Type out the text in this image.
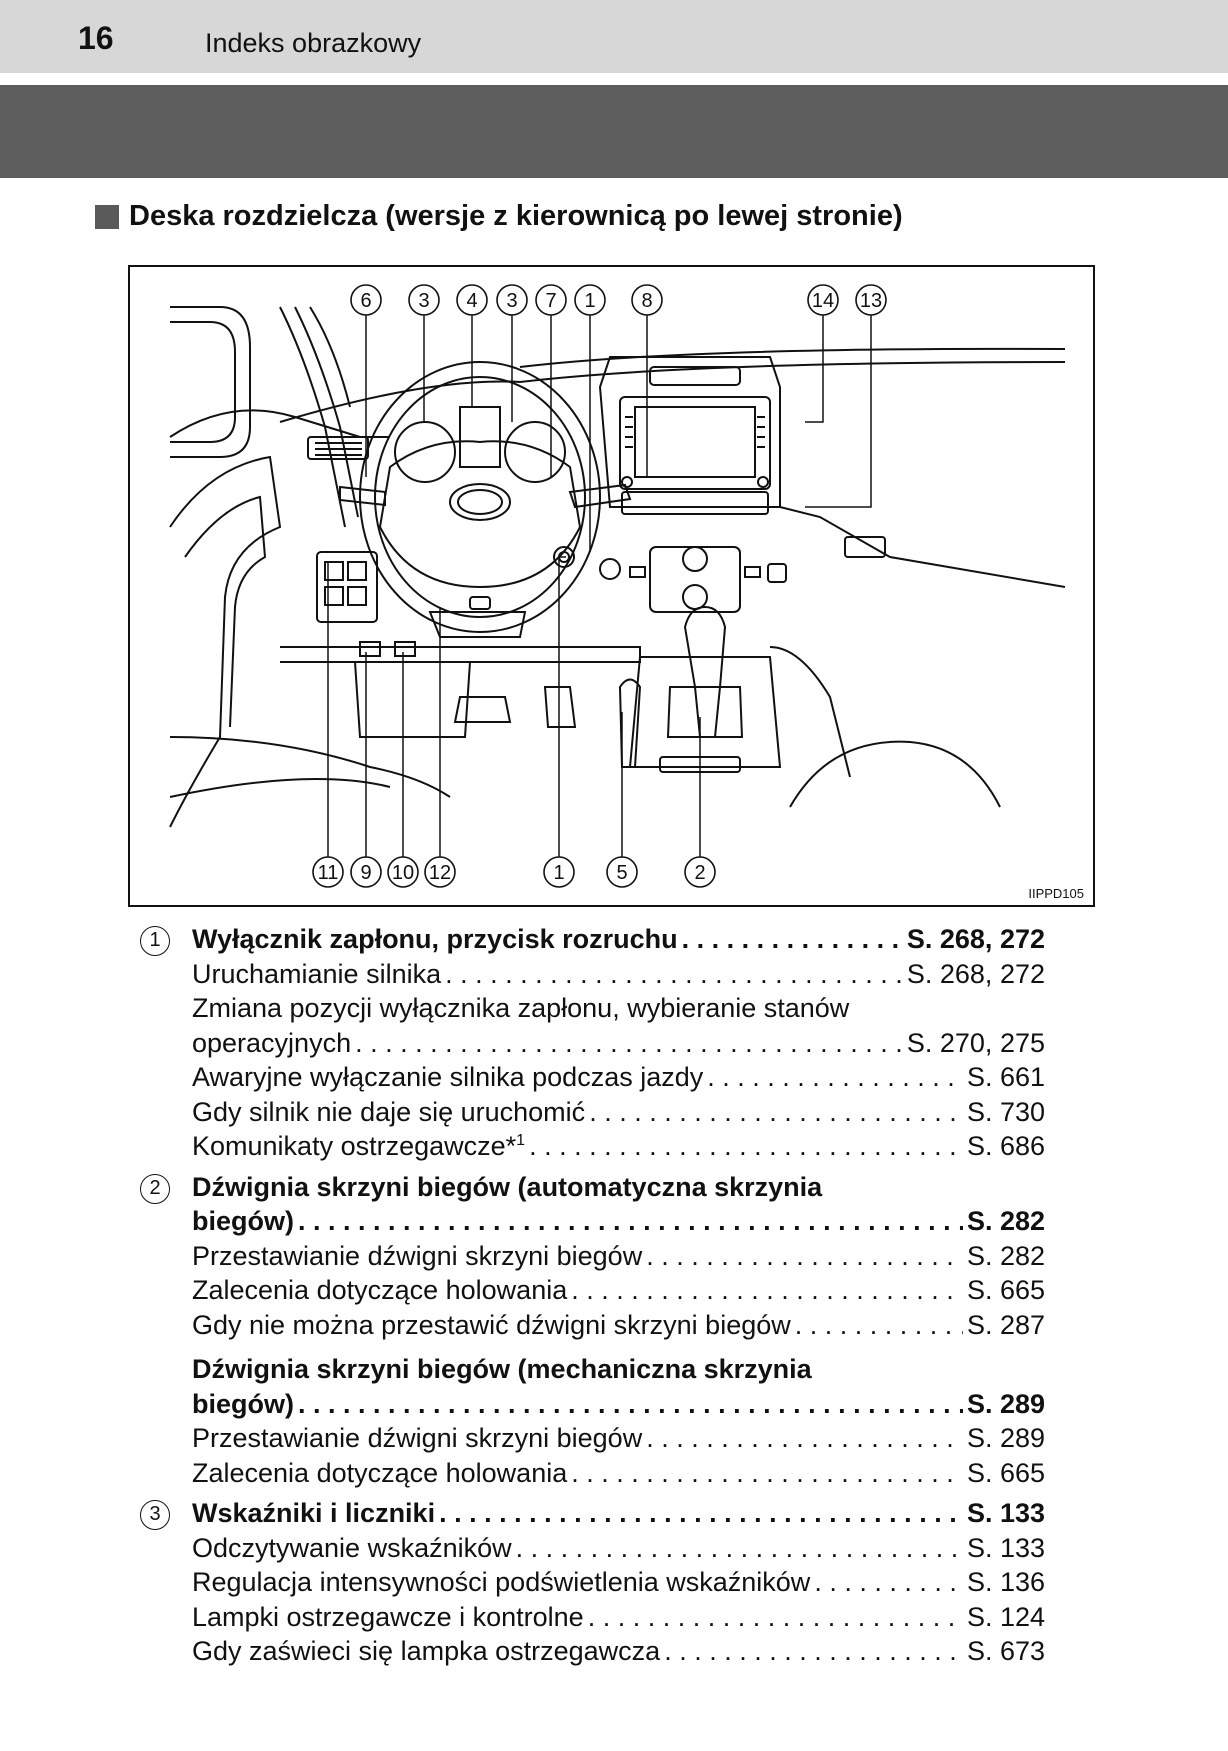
16	Indeks obrazkowy
Deska rozdzielcza (wersje z kierownicą po lewej stronie)
6 3 4 3 7 1 8	14 13
11 9 10 12	1	5	2
IIPPD105
1	Wyłącznik zapłonu, przycisk rozruchu . . .	S. 268, 272
Uruchamianie silnika . . .	S. 268, 272
Zmiana pozycji wyłącznika zapłonu, wybieranie stanów
operacyjnych . . .	S. 270, 275
Awaryjne wyłączanie silnika podczas jazdy . . .	S. 661
Gdy silnik nie daje się uruchomić . . .	S. 730
Komunikaty ostrzegawcze*$^1$ . . .	S. 686
2	Dźwignia skrzyni biegów (automatyczna skrzynia
biegów) . . .	S. 282
Przestawianie dźwigni skrzyni biegów . . .	S. 282
Zalecenia dotyczące holowania . . .	S. 665
Gdy nie można przestawić dźwigni skrzyni biegów . . .	S. 287
Dźwignia skrzyni biegów (mechaniczna skrzynia
biegów) . . .	S. 289
Przestawianie dźwigni skrzyni biegów . . .	S. 289
Zalecenia dotyczące holowania . . .	S. 665
3	Wskaźniki i liczniki . . .	S. 133
Odczytywanie wskaźników . . .	S. 133
Regulacja intensywności podświetlenia wskaźników . . .	S. 136
Lampki ostrzegawcze i kontrolne . . .	S. 124
Gdy zaświeci się lampka ostrzegawcza . . .	S. 673
